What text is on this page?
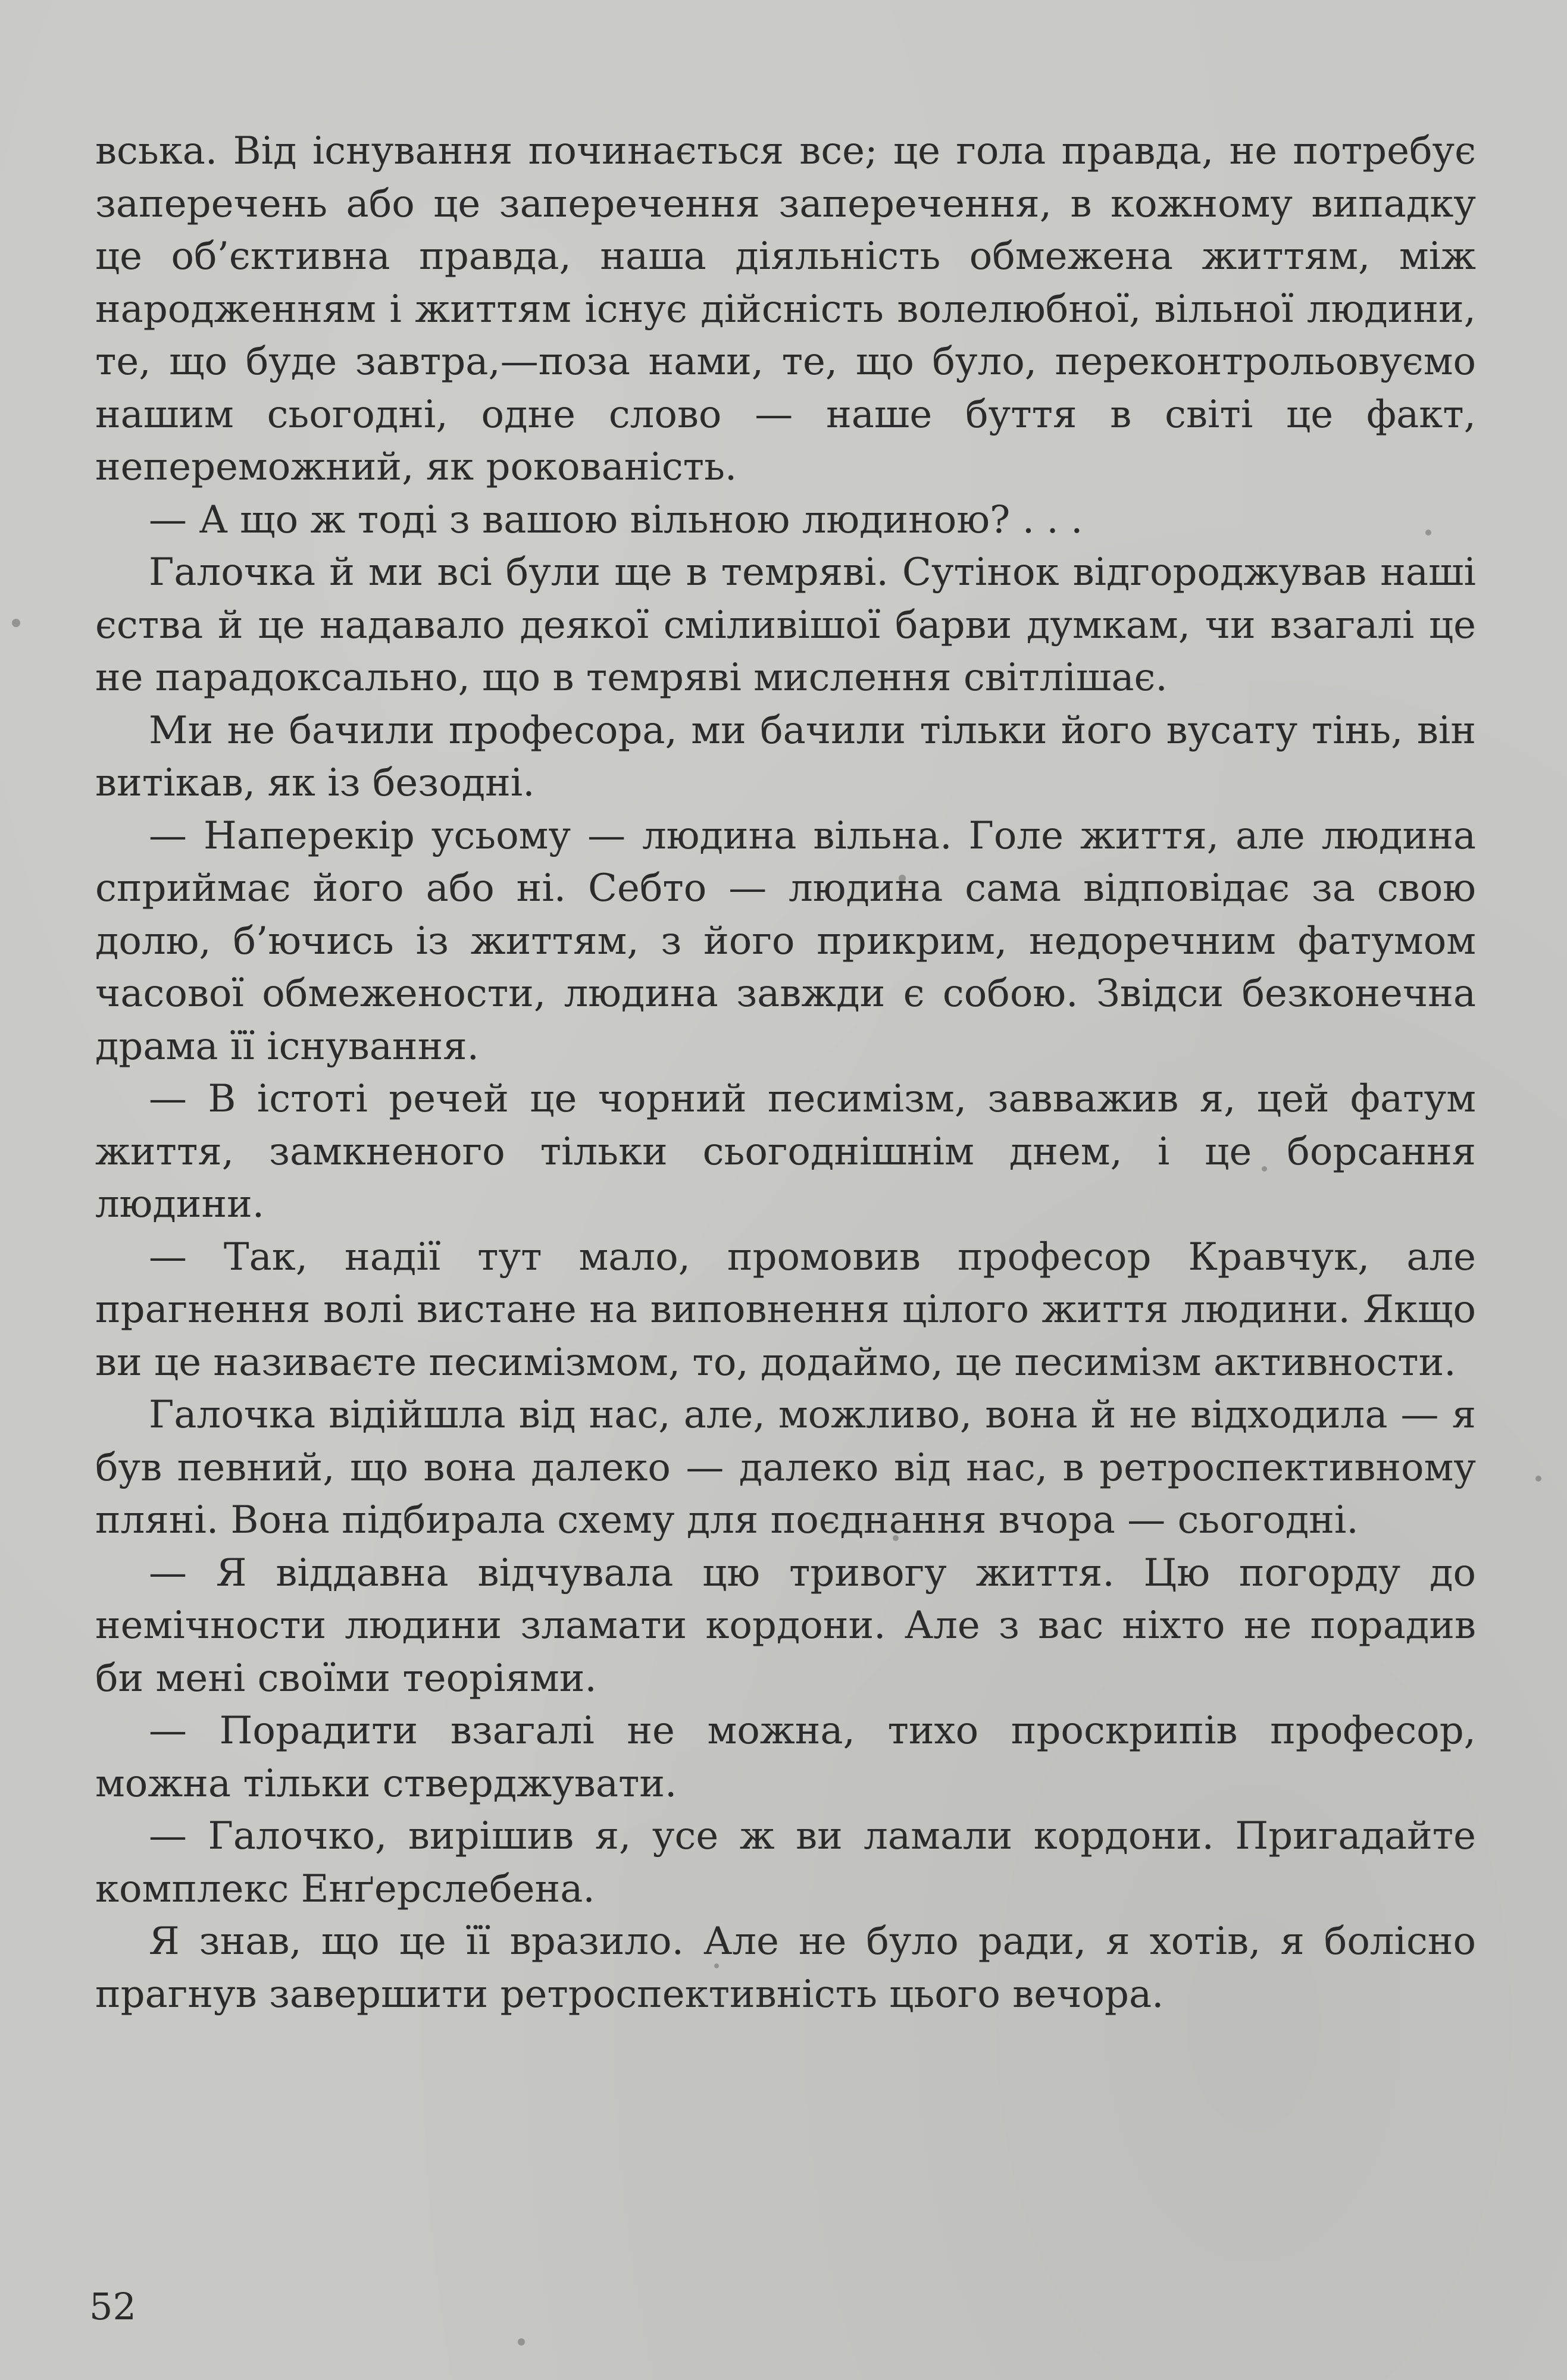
вська. Від існування починається все; це гола правда, не потребує заперечень або це заперечення заперечення, в кожному випадку це об’єктивна правда, наша діяльність обмежена життям, між народженням і життям існує дійсність волелюбної, вільної людини, те, що буде завтра,—поза нами, те, що було, переконтрольовуємо нашим сьогодні, одне слово — наше буття в світі це факт, непереможний, як рокованість.

— А що ж тоді з вашою вільною людиною? . . .

Галочка й ми всі були ще в темряві. Сутінок відгороджував наші єства й це надавало деякої сміливішої барви думкам, чи взагалі це не парадоксально, що в темряві мислення світлішає.

Ми не бачили професора, ми бачили тільки його вусату тінь, він витікав, як із безодні.

— Наперекір усьому — людина вільна. Голе життя, але людина сприймає його або ні. Себто — людина сама відповідає за свою долю, б’ючись із життям, з його прикрим, недоречним фатумом часової обмежености, людина завжди є собою. Звідси безконечна драма її існування.

— В істоті речей це чорний песимізм, завважив я, цей фатум життя, замкненого тільки сьогоднішнім днем, і це борсання людини.

— Так, надії тут мало, промовив професор Кравчук, але прагнення волі вистане на виповнення цілого життя людини. Якщо ви це називаєте песимізмом, то, додаймо, це песимізм активности.

Галочка відійшла від нас, але, можливо, вона й не відходила — я був певний, що вона далеко — далеко від нас, в ретроспективному пляні. Вона підбирала схему для поєднання вчора — сьогодні.

— Я віддавна відчувала цю тривогу життя. Цю погорду до немічности людини зламати кордони. Але з вас ніхто не порадив би мені своїми теоріями.

— Порадити взагалі не можна, тихо проскрипів професор, можна тільки стверджувати.

— Галочко, вирішив я, усе ж ви ламали кордони. Пригадайте комплекс Енґерслебена.

Я знав, що це її вразило. Але не було ради, я хотів, я болісно прагнув завершити ретроспективність цього вечора.

52
